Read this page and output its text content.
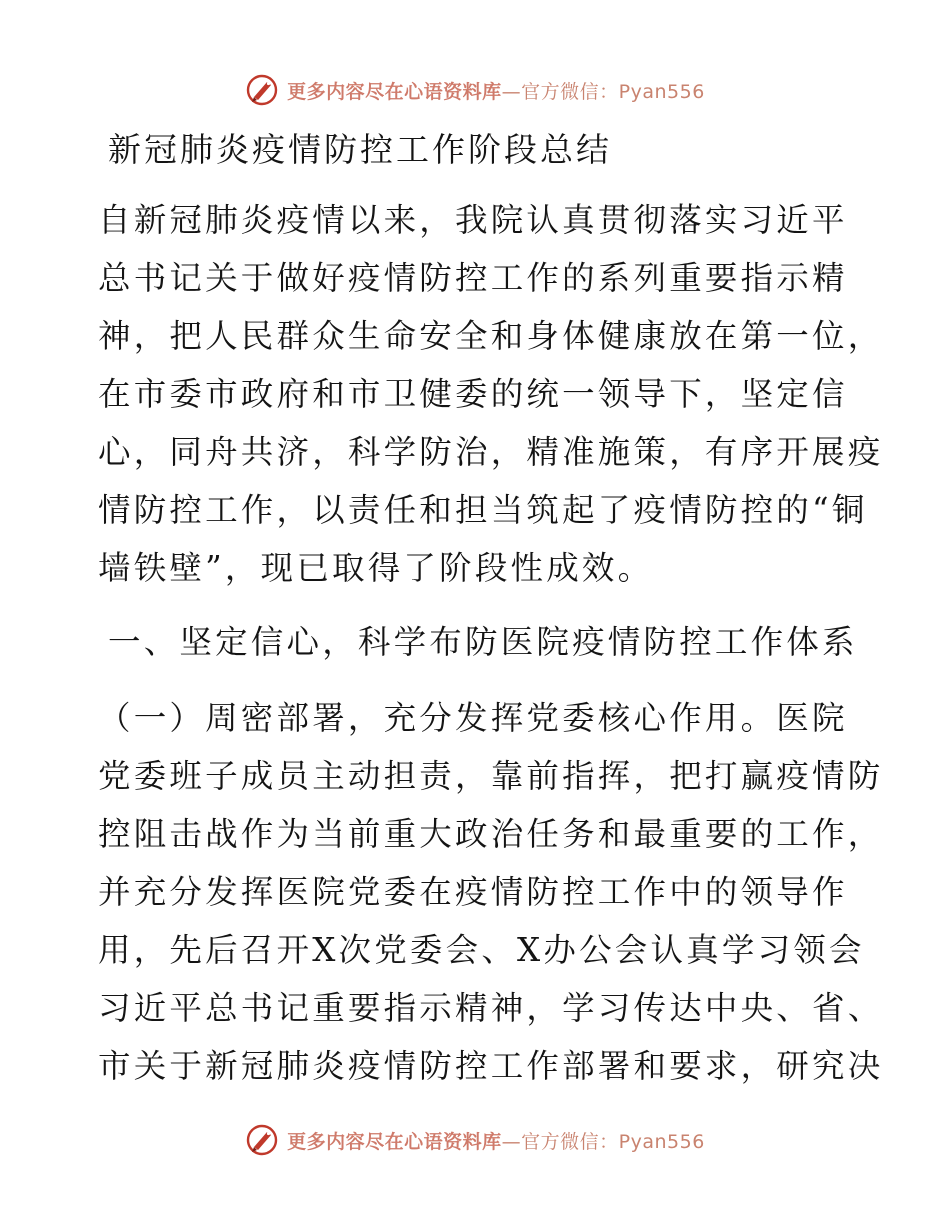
更多内容尽在心语资料库—官方微信：Pyan556
新冠肺炎疫情防控工作阶段总结
自新冠肺炎疫情以来，我院认真贯彻落实习近平
总书记关于做好疫情防控工作的系列重要指示精
神，把人民群众生命安全和身体健康放在第一位，
在市委市政府和市卫健委的统一领导下，坚定信
心，同舟共济，科学防治，精准施策，有序开展疫
情防控工作，以责任和担当筑起了疫情防控的“铜
墙铁壁”，现已取得了阶段性成效。
一、坚定信心，科学布防医院疫情防控工作体系
（一）周密部署，充分发挥党委核心作用。医院
党委班子成员主动担责，靠前指挥，把打赢疫情防
控阻击战作为当前重大政治任务和最重要的工作，
并充分发挥医院党委在疫情防控工作中的领导作
用，先后召开X次党委会、X办公会认真学习领会
习近平总书记重要指示精神，学习传达中央、省、
市关于新冠肺炎疫情防控工作部署和要求，研究决
更多内容尽在心语资料库—官方微信：Pyan556
